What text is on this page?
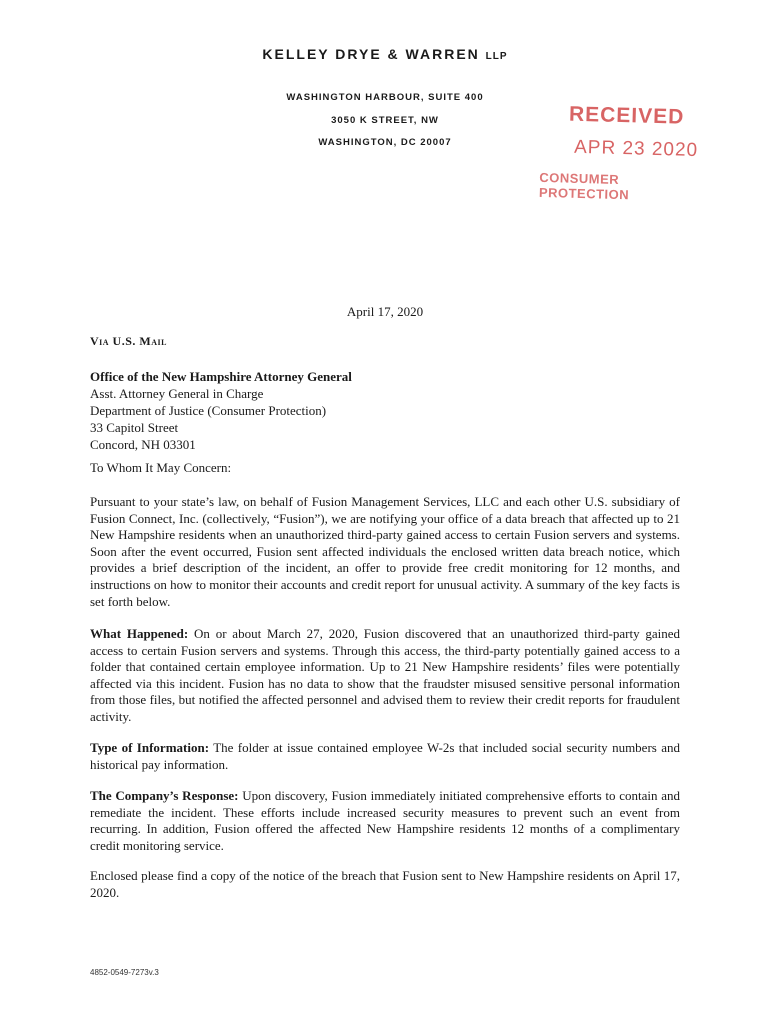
KELLEY DRYE & WARREN LLP
WASHINGTON HARBOUR, SUITE 400
3050 K STREET, NW
WASHINGTON, DC 20007
RECEIVED
APR 23 2020
CONSUMER PROTECTION
April 17, 2020
Via U.S. Mail
Office of the New Hampshire Attorney General
Asst. Attorney General in Charge
Department of Justice (Consumer Protection)
33 Capitol Street
Concord, NH 03301
To Whom It May Concern:
Pursuant to your state’s law, on behalf of Fusion Management Services, LLC and each other U.S. subsidiary of Fusion Connect, Inc. (collectively, “Fusion”), we are notifying your office of a data breach that affected up to 21 New Hampshire residents when an unauthorized third-party gained access to certain Fusion servers and systems. Soon after the event occurred, Fusion sent affected individuals the enclosed written data breach notice, which provides a brief description of the incident, an offer to provide free credit monitoring for 12 months, and instructions on how to monitor their accounts and credit report for unusual activity. A summary of the key facts is set forth below.
What Happened: On or about March 27, 2020, Fusion discovered that an unauthorized third-party gained access to certain Fusion servers and systems. Through this access, the third-party potentially gained access to a folder that contained certain employee information. Up to 21 New Hampshire residents’ files were potentially affected via this incident. Fusion has no data to show that the fraudster misused sensitive personal information from those files, but notified the affected personnel and advised them to review their credit reports for fraudulent activity.
Type of Information: The folder at issue contained employee W-2s that included social security numbers and historical pay information.
The Company’s Response: Upon discovery, Fusion immediately initiated comprehensive efforts to contain and remediate the incident. These efforts include increased security measures to prevent such an event from recurring. In addition, Fusion offered the affected New Hampshire residents 12 months of a complimentary credit monitoring service.
Enclosed please find a copy of the notice of the breach that Fusion sent to New Hampshire residents on April 17, 2020.
4852-0549-7273v.3
